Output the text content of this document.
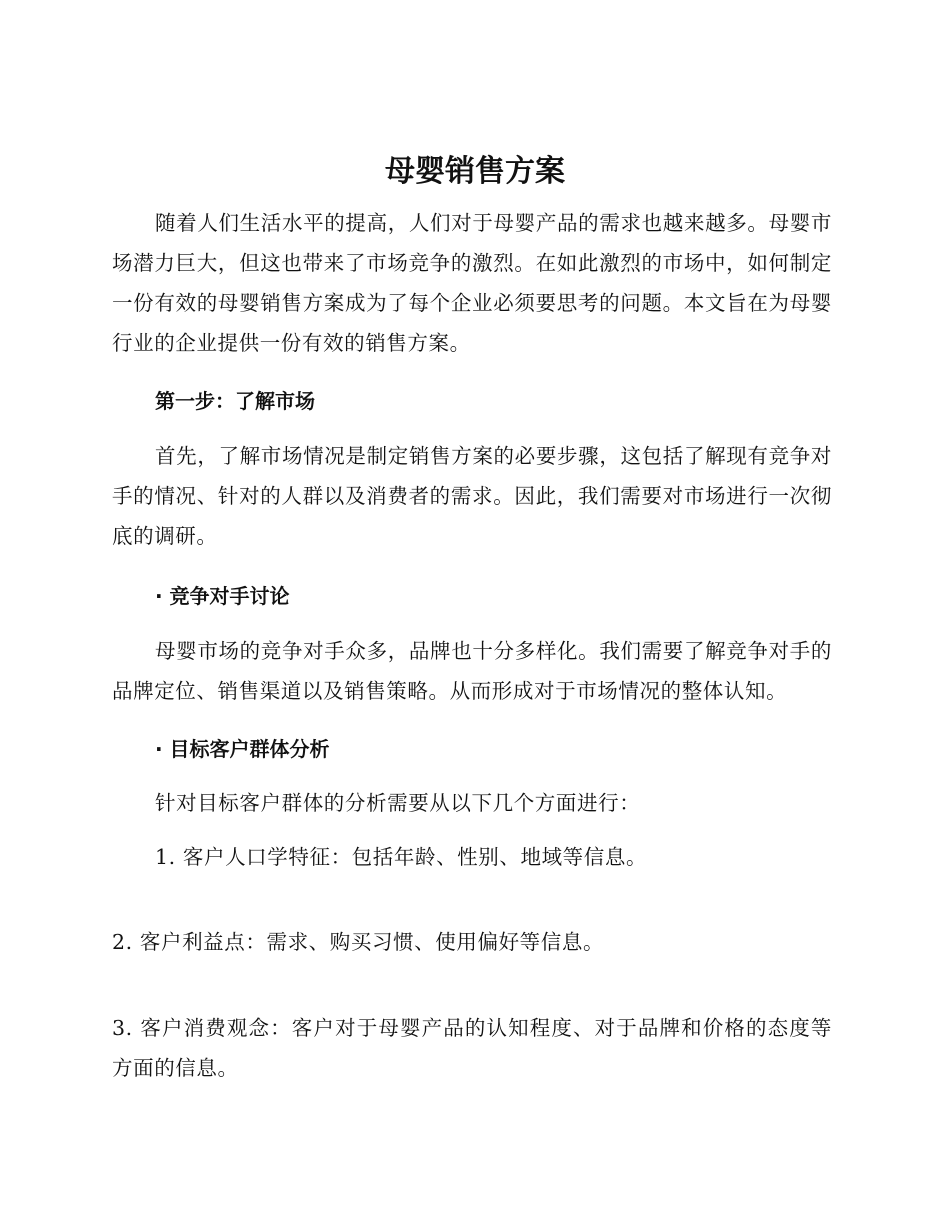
母婴销售方案

随着人们生活水平的提高，人们对于母婴产品的需求也越来越多。母婴市场潜力巨大，但这也带来了市场竞争的激烈。在如此激烈的市场中，如何制定一份有效的母婴销售方案成为了每个企业必须要思考的问题。本文旨在为母婴行业的企业提供一份有效的销售方案。

第一步：了解市场

首先，了解市场情况是制定销售方案的必要步骤，这包括了解现有竞争对手的情况、针对的人群以及消费者的需求。因此，我们需要对市场进行一次彻底的调研。

· 竞争对手讨论

母婴市场的竞争对手众多，品牌也十分多样化。我们需要了解竞争对手的品牌定位、销售渠道以及销售策略。从而形成对于市场情况的整体认知。

· 目标客户群体分析

针对目标客户群体的分析需要从以下几个方面进行：

1. 客户人口学特征：包括年龄、性别、地域等信息。

2. 客户利益点：需求、购买习惯、使用偏好等信息。

3. 客户消费观念：客户对于母婴产品的认知程度、对于品牌和价格的态度等方面的信息。
